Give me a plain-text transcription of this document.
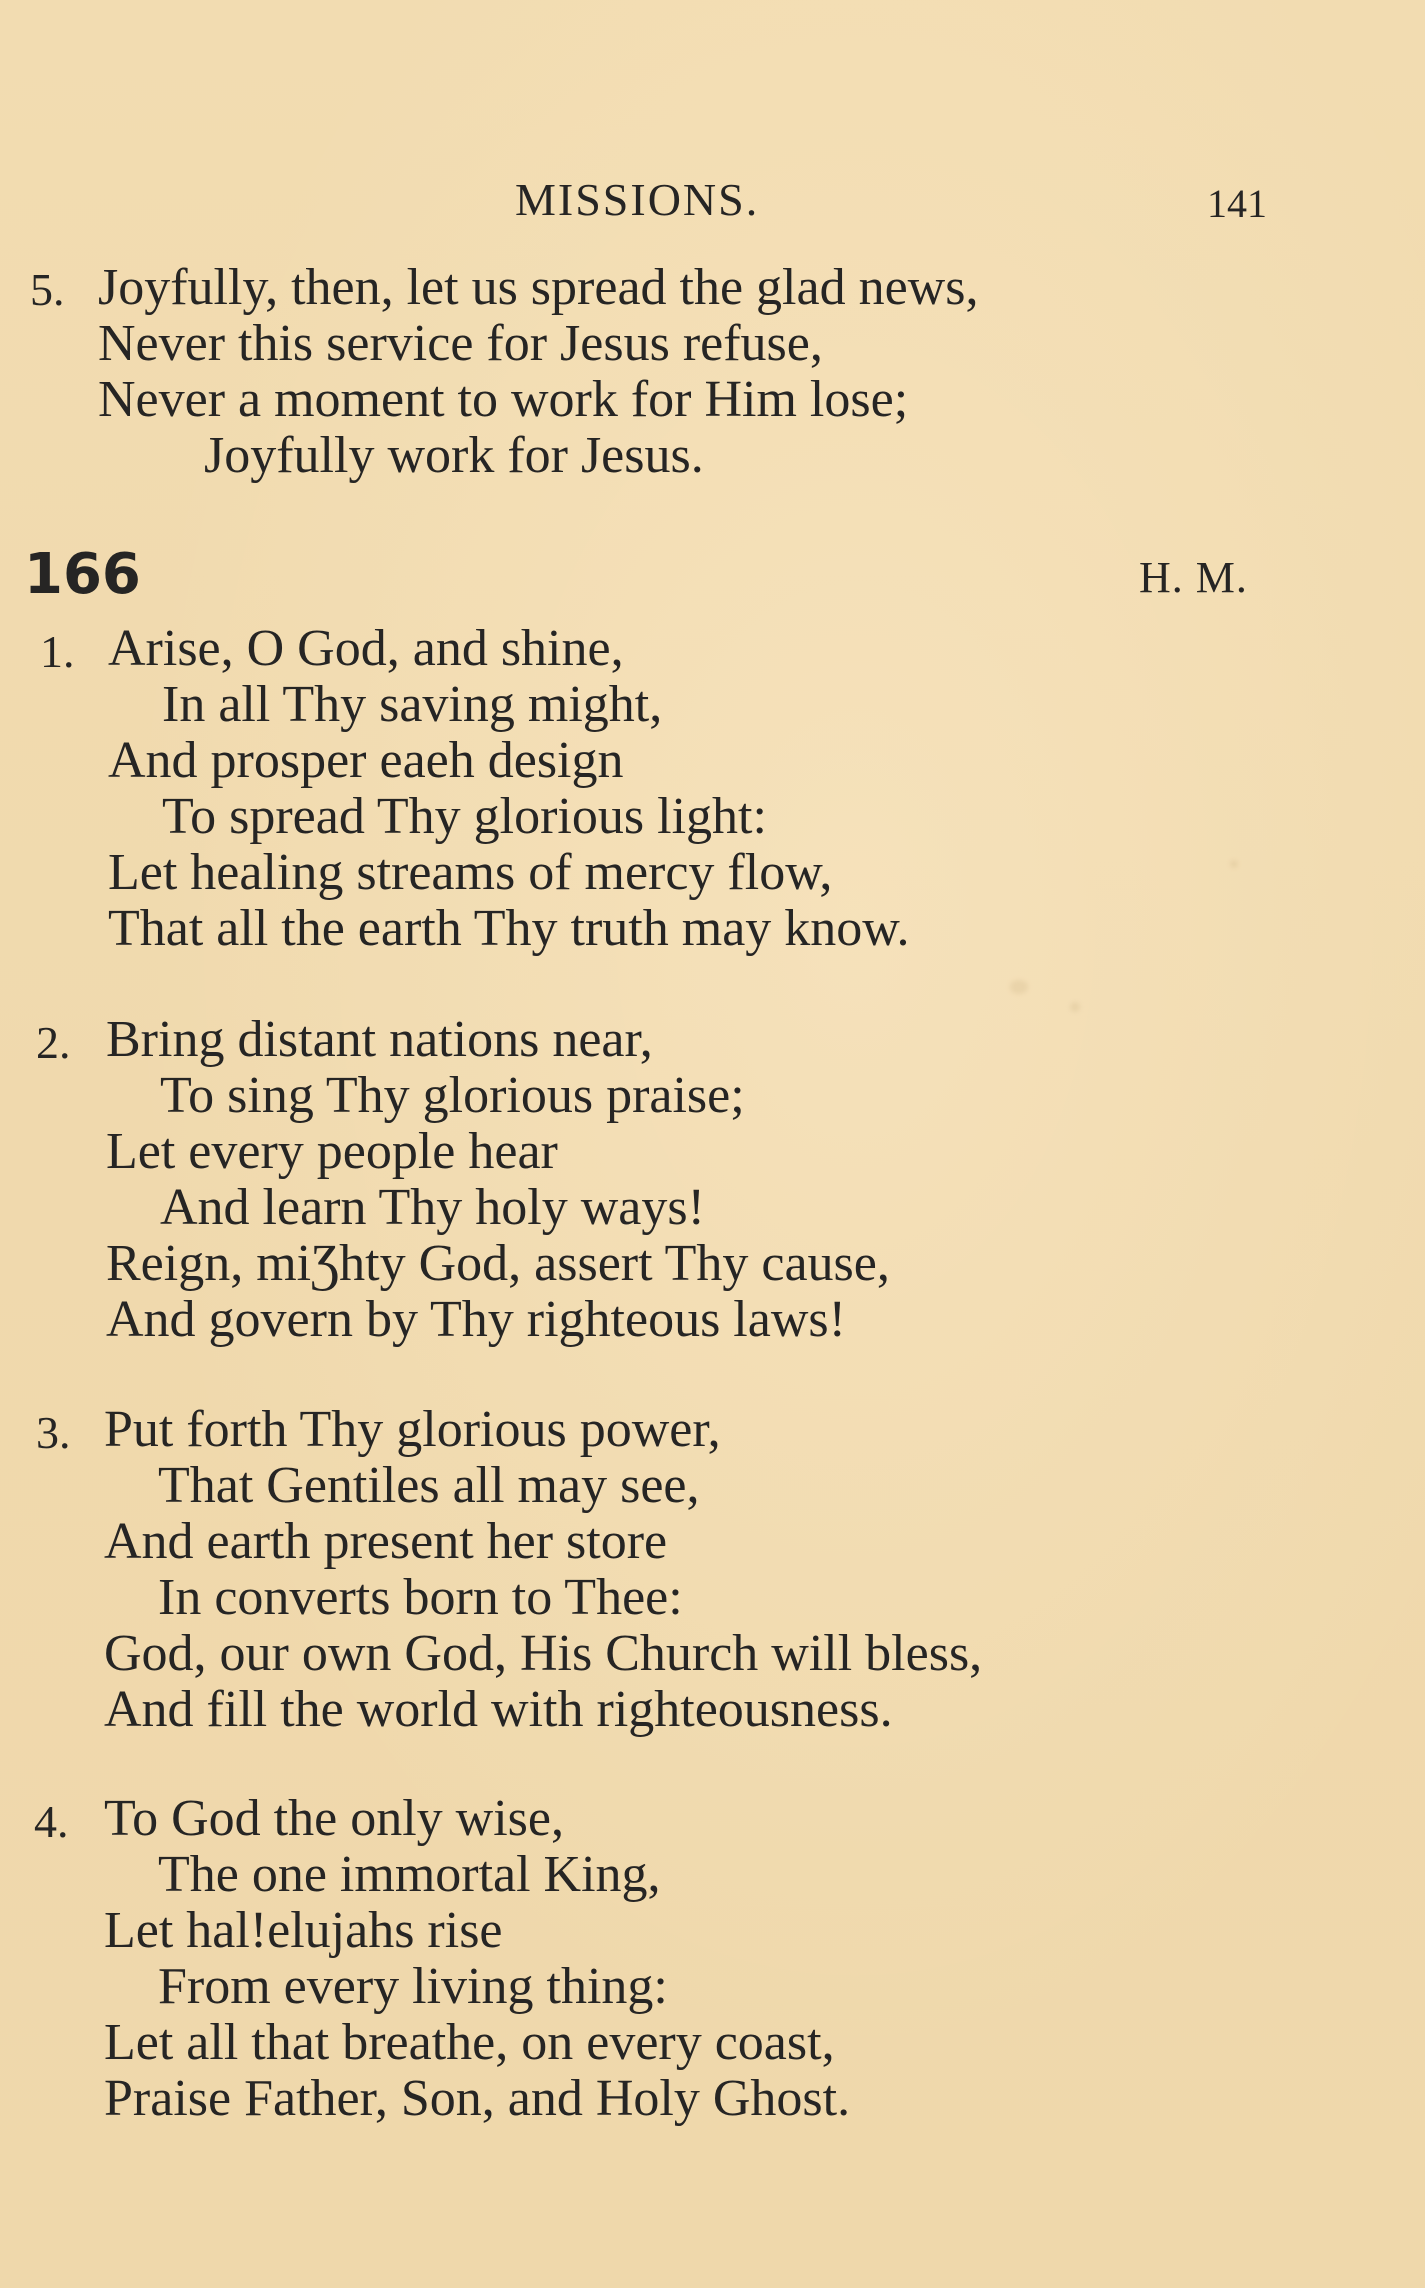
MISSIONS.	141
5. Joyfully, then, let us spread the glad news,
Never this service for Jesus refuse,
Never a moment to work for Him lose;
Joyfully work for Jesus.
166	H. M.
1. Arise, O God, and shine,
In all Thy saving might,
And prosper eaeh design
To spread Thy glorious light:
Let healing streams of mercy flow,
That all the earth Thy truth may know.
2. Bring distant nations near,
To sing Thy glorious praise;
Let every people hear
And learn Thy holy ways!
Reign, miƷhty God, assert Thy cause,
And govern by Thy righteous laws!
3. Put forth Thy glorious power,
That Gentiles all may see,
And earth present her store
In converts born to Thee:
God, our own God, His Church will bless,
And fill the world with righteousness.
4. To God the only wise,
The one immortal King,
Let hal!elujahs rise
From every living thing:
Let all that breathe, on every coast,
Praise Father, Son, and Holy Ghost.
